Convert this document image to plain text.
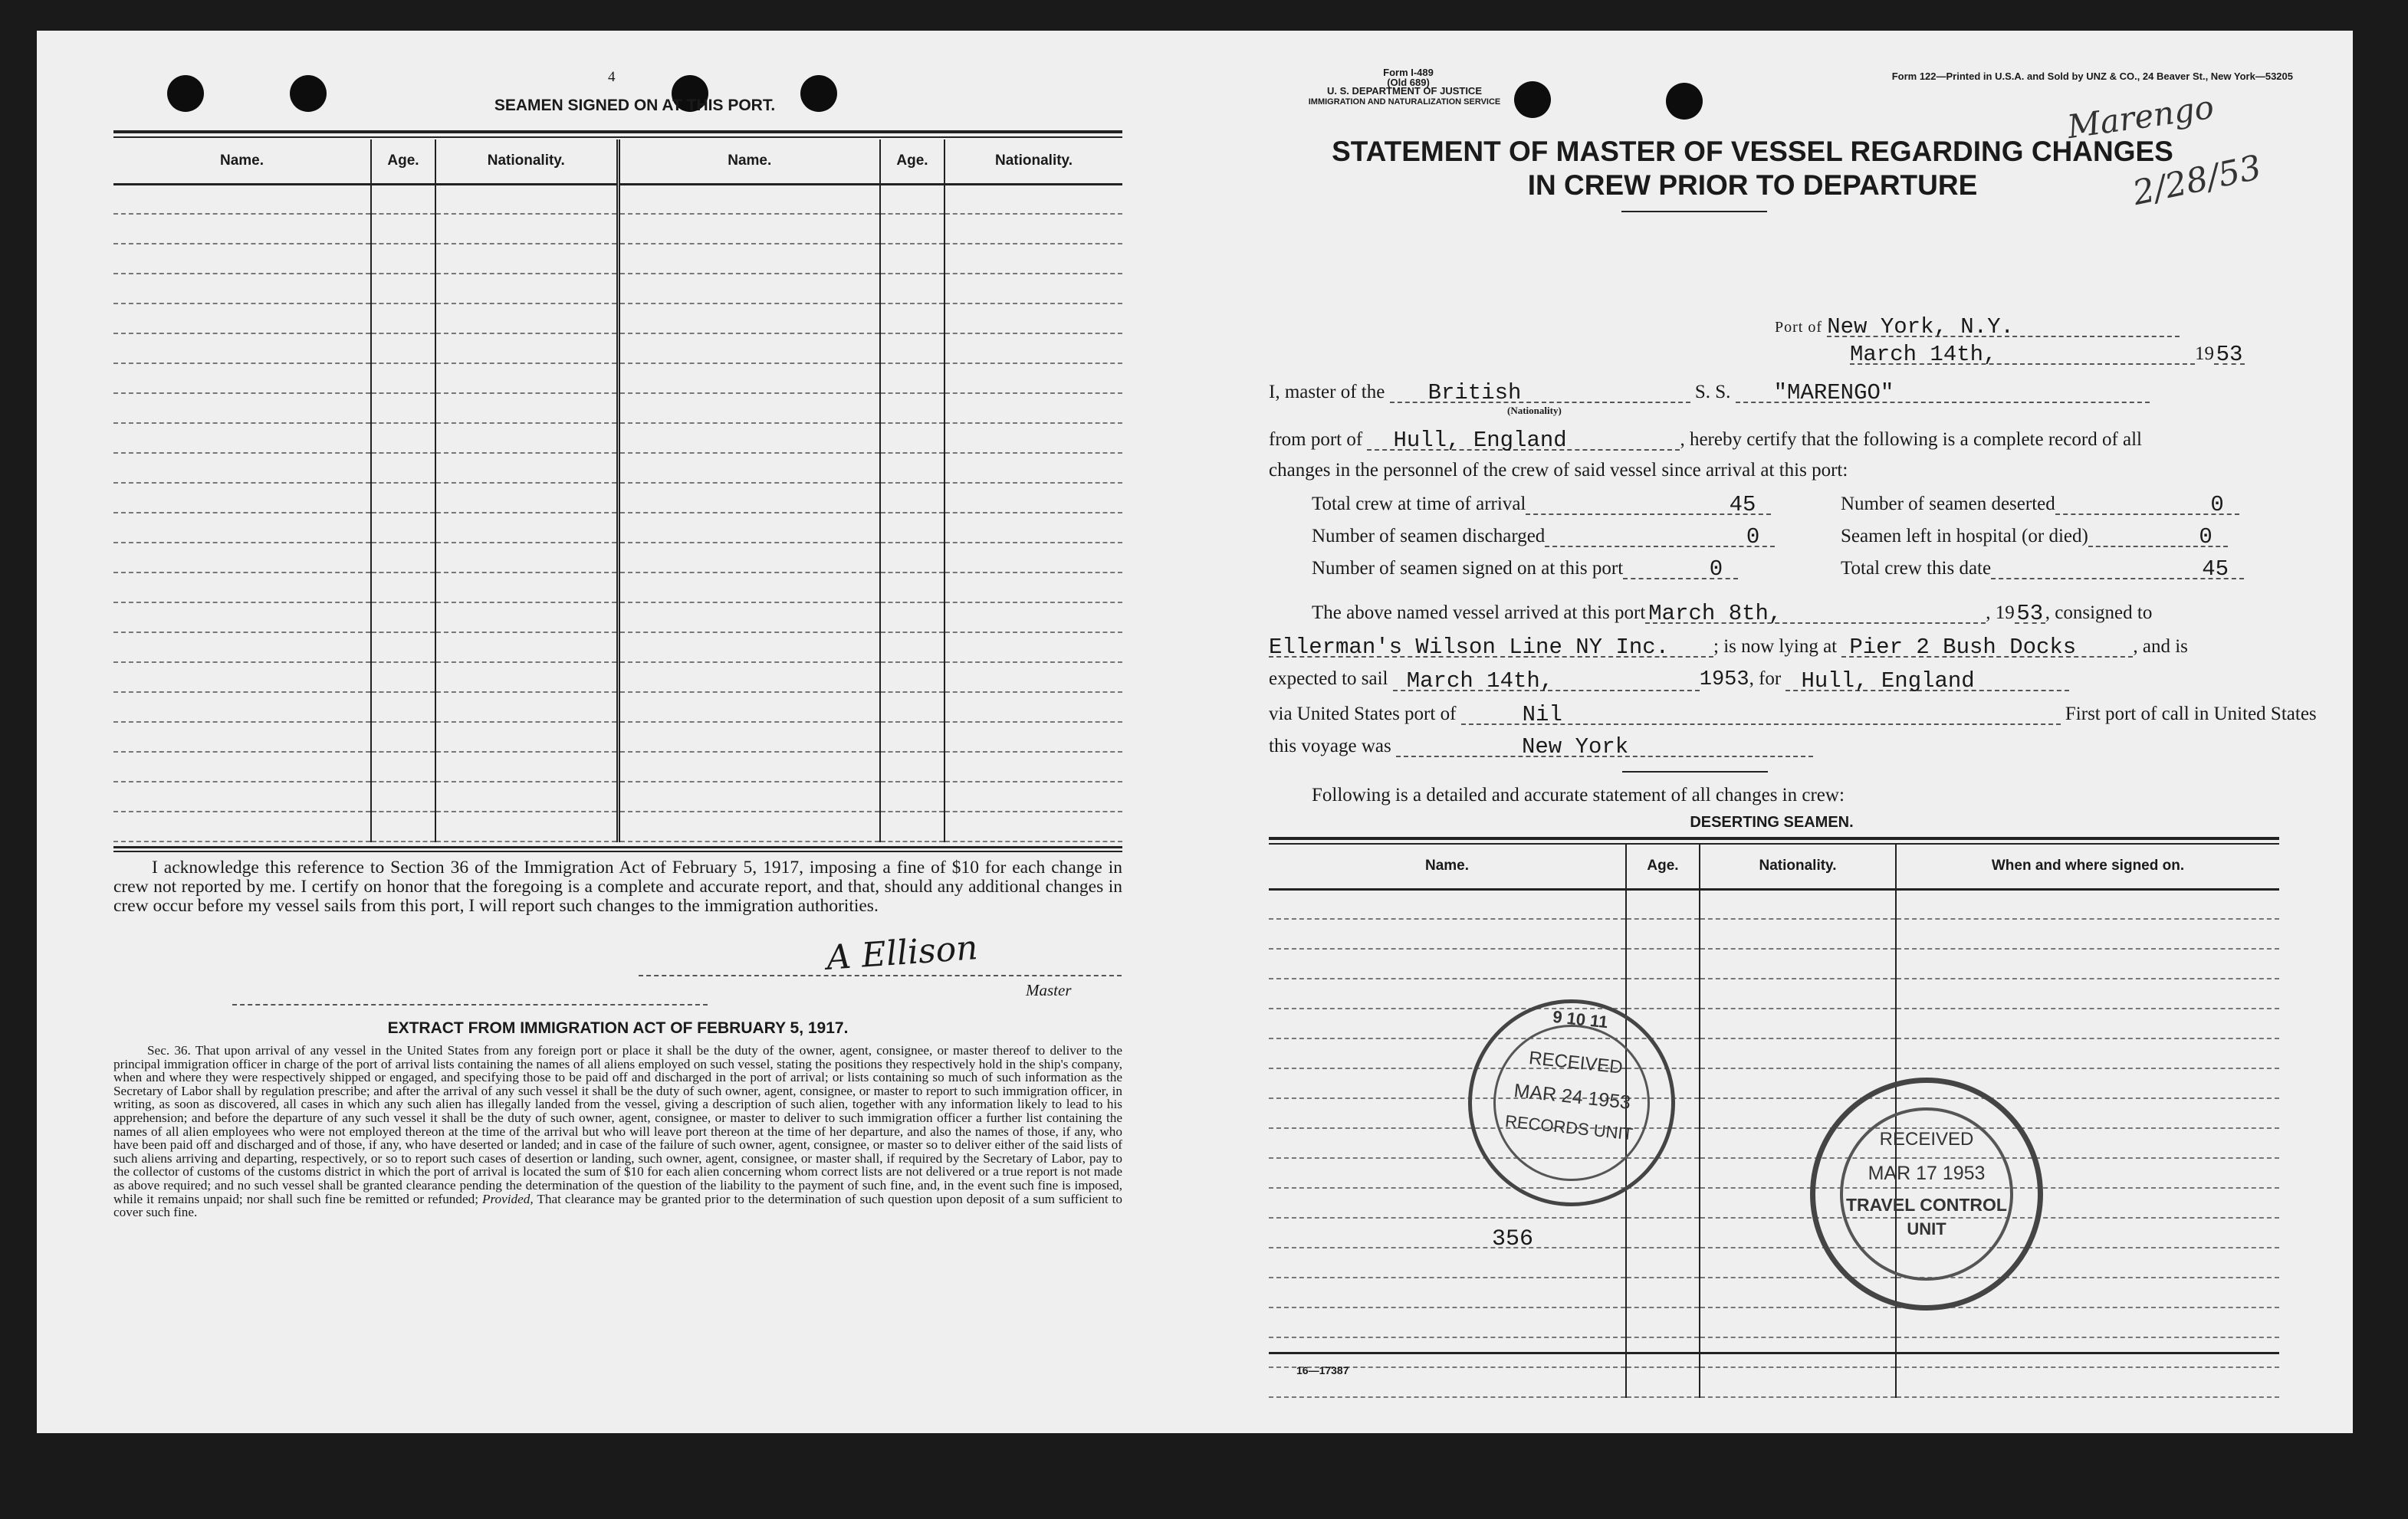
4
SEAMEN SIGNED ON AT THIS PORT.
Name.	Age.	Nationality.	Name.	Age.	Nationality.

I acknowledge this reference to Section 36 of the Immigration Act of February 5, 1917, imposing a fine of $10 for each change in crew not reported by me. I certify on honor that the foregoing is a complete and accurate report, and that, should any additional changes in crew occur before my vessel sails from this port, I will report such changes to the immigration authorities.
A Ellison
Master
EXTRACT FROM IMMIGRATION ACT OF FEBRUARY 5, 1917.
Sec. 36. That upon arrival of any vessel in the United States from any foreign port or place it shall be the duty of the owner, agent, consignee, or master thereof to deliver to the principal immigration officer in charge of the port of arrival lists containing the names of all aliens employed on such vessel, stating the positions they respectively hold in the ship's company, when and where they were respectively shipped or engaged, and specifying those to be paid off and discharged in the port of arrival; or lists containing so much of such information as the Secretary of Labor shall by regulation prescribe; and after the arrival of any such vessel it shall be the duty of such owner, agent, consignee, or master to report to such immigration officer, in writing, as soon as discovered, all cases in which any such alien has illegally landed from the vessel, giving a description of such alien, together with any information likely to lead to his apprehension; and before the departure of any such vessel it shall be the duty of such owner, agent, consignee, or master to deliver to such immigration officer a further list containing the names of all alien employees who were not employed thereon at the time of the arrival but who will leave port thereon at the time of her departure, and also the names of those, if any, who have been paid off and discharged and of those, if any, who have deserted or landed; and in case of the failure of such owner, agent, consignee, or master so to deliver either of the said lists of such aliens arriving and departing, respectively, or so to report such cases of desertion or landing, such owner, agent, consignee, or master shall, if required by the Secretary of Labor, pay to the collector of customs of the customs district in which the port of arrival is located the sum of $10 for each alien concerning whom correct lists are not delivered or a true report is not made as above required; and no such vessel shall be granted clearance pending the determination of the question of the liability to the payment of such fine, and, in the event such fine is imposed, while it remains unpaid; nor shall such fine be remitted or refunded; Provided, That clearance may be granted prior to the determination of such question upon deposit of a sum sufficient to cover such fine.
Form I-489
(Old 689)
U. S. DEPARTMENT OF JUSTICE
IMMIGRATION AND NATURALIZATION SERVICE
Form 122—Printed in U.S.A. and Sold by UNZ & CO., 24 Beaver St., New York—53205
Marengo
2/28/53
STATEMENT OF MASTER OF VESSEL REGARDING CHANGES
IN CREW PRIOR TO DEPARTURE
Port of New York, N.Y.
March 14th,	1953
I, master of the British	S. S. "MARENGO"
(Nationality)
from port of Hull, England	, hereby certify that the following is a complete record of all
changes in the personnel of the crew of said vessel since arrival at this port:
Total crew at time of arrival	45	Number of seamen deserted	0
Number of seamen discharged	0	Seamen left in hospital (or died)	0
Number of seamen signed on at this port	0	Total crew this date	45
The above named vessel arrived at this port March 8th,	, 1953 , consigned to
Ellerman's Wilson Line NY Inc. ; is now lying at Pier 2 Bush Docks	, and is
expected to sail March 14th,	1953, for Hull, England
via United States port of	Nil	First port of call in United States
this voyage was	New York
Following is a detailed and accurate statement of all changes in crew:
DESERTING SEAMEN.
Name.	Age.	Nationality.	When and where signed on.

16—17387
9 10 11
RECEIVED
MAR 24 1953
RECORDS UNIT	RECEIVED
MAR 17 1953
TRAVEL CONTROL
UNIT
356
